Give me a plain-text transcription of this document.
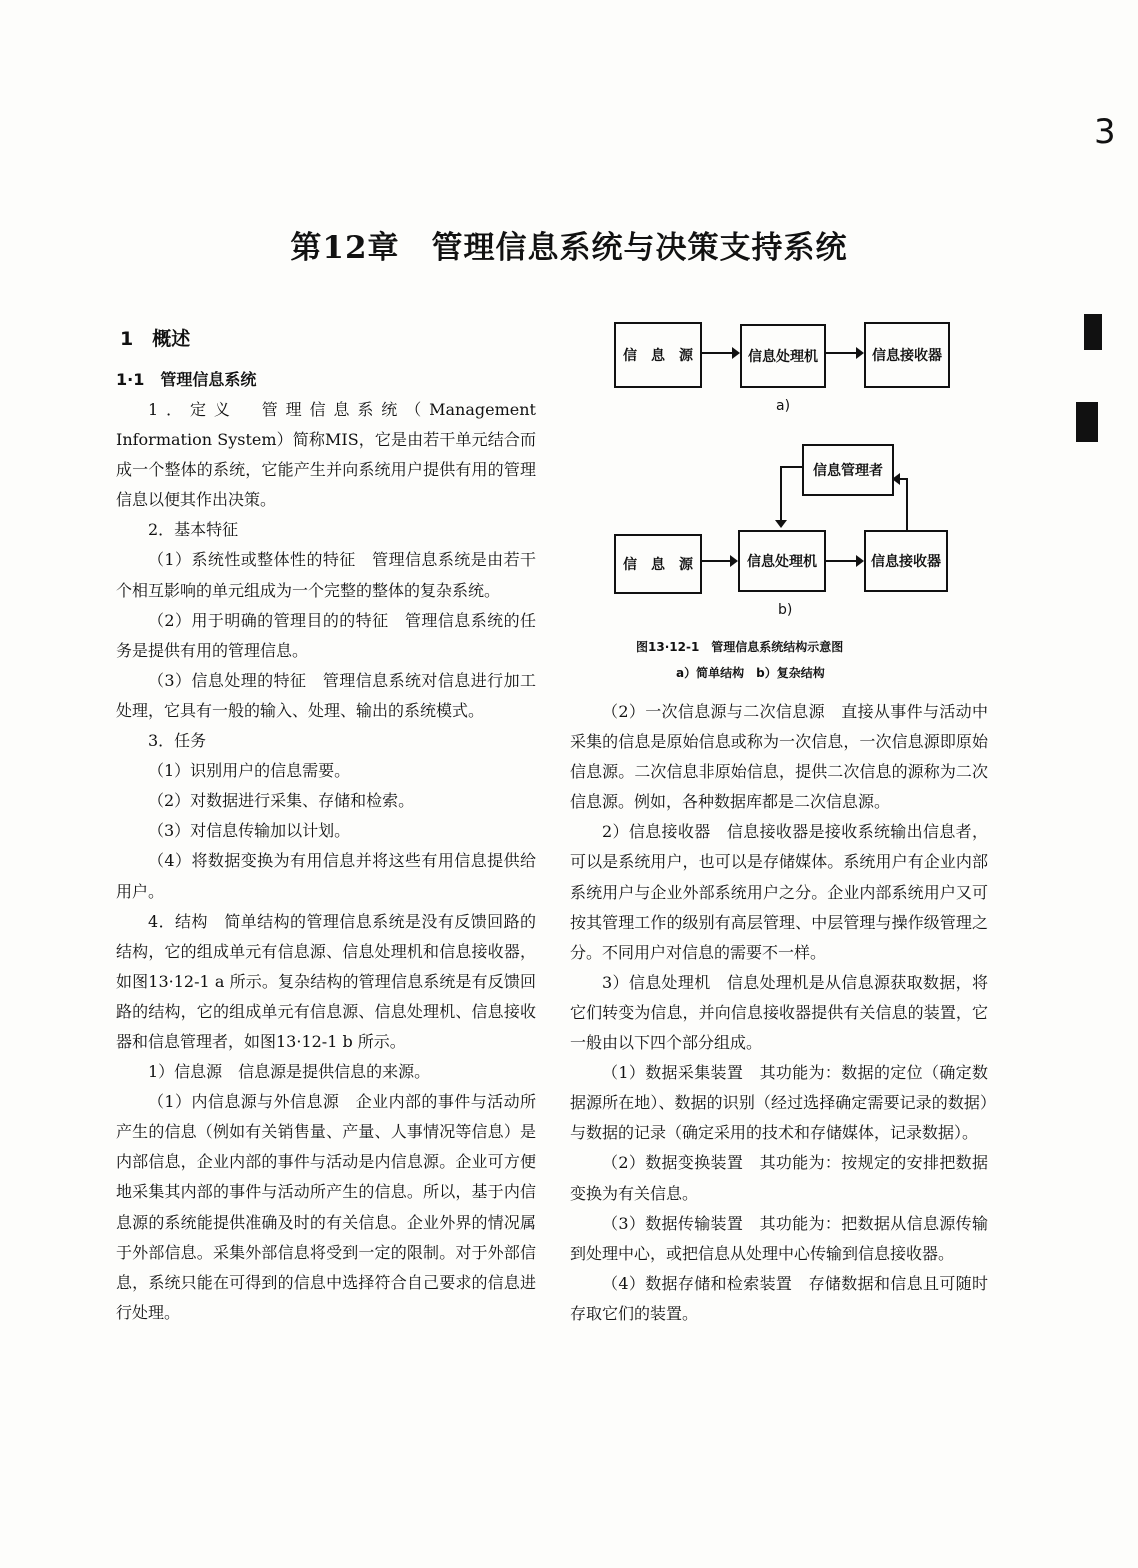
3
第12章　管理信息系统与决策支持系统
1　概述
1·1　管理信息系统

1．定义　管理信息系统（Management Information System）简称MIS，它是由若干单元结合而成一个整体的系统，它能产生并向系统用户提供有用的管理信息以便其作出决策。

2．基本特征

（1）系统性或整体性的特征　管理信息系统是由若干个相互影响的单元组成为一个完整的整体的复杂系统。

（2）用于明确的管理目的的特征　管理信息系统的任务是提供有用的管理信息。

（3）信息处理的特征　管理信息系统对信息进行加工处理，它具有一般的输入、处理、输出的系统模式。

3．任务

（1）识别用户的信息需要。

（2）对数据进行采集、存储和检索。

（3）对信息传输加以计划。

（4）将数据变换为有用信息并将这些有用信息提供给用户。

4．结构　简单结构的管理信息系统是没有反馈回路的结构，它的组成单元有信息源、信息处理机和信息接收器，如图13·12-1 a 所示。复杂结构的管理信息系统是有反馈回路的结构，它的组成单元有信息源、信息处理机、信息接收器和信息管理者，如图13·12-1 b 所示。

1）信息源　信息源是提供信息的来源。

（1）内信息源与外信息源　企业内部的事件与活动所产生的信息（例如有关销售量、产量、人事情况等信息）是内部信息，企业内部的事件与活动是内信息源。企业可方便地采集其内部的事件与活动所产生的信息。所以，基于内信息源的系统能提供准确及时的有关信息。企业外界的情况属于外部信息。采集外部信息将受到一定的限制。对于外部信息，系统只能在可得到的信息中选择符合自己要求的信息进行处理。

（2）一次信息源与二次信息源　直接从事件与活动中采集的信息是原始信息或称为一次信息，一次信息源即原始信息源。二次信息非原始信息，提供二次信息的源称为二次信息源。例如，各种数据库都是二次信息源。

2）信息接收器　信息接收器是接收系统输出信息者，可以是系统用户，也可以是存储媒体。系统用户有企业内部系统用户与企业外部系统用户之分。企业内部系统用户又可按其管理工作的级别有高层管理、中层管理与操作级管理之分。不同用户对信息的需要不一样。

3）信息处理机　信息处理机是从信息源获取数据，将它们转变为信息，并向信息接收器提供有关信息的装置，它一般由以下四个部分组成。

（1）数据采集装置　其功能为：数据的定位（确定数据源所在地）、数据的识别（经过选择确定需要记录的数据）与数据的记录（确定采用的技术和存储媒体，记录数据）。

（2）数据变换装置　其功能为：按规定的安排把数据变换为有关信息。

（3）数据传输装置　其功能为：把数据从信息源传输到处理中心，或把信息从处理中心传输到信息接收器。

（4）数据存储和检索装置　存储数据和信息且可随时存取它们的装置。

信　息　源	信息处理机	信息接收器
a)
信息管理者
信　息　源	信息处理机	信息接收器
b)
图13·12-1　管理信息系统结构示意图
a）简单结构　b）复杂结构
